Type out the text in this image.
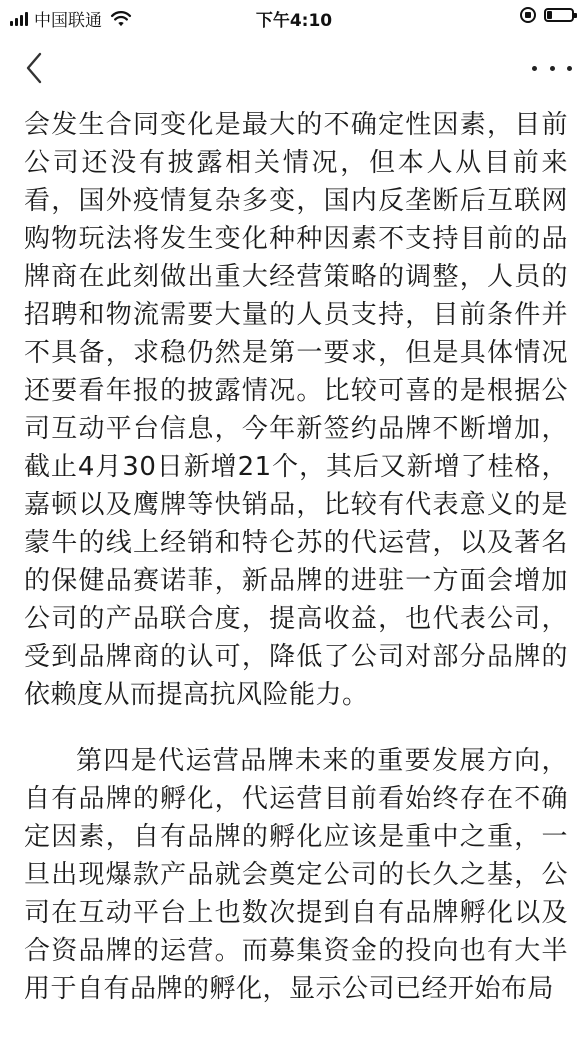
中国联通	下午4:10

会发生合同变化是最大的不确定性因素，目前公司还没有披露相关情况，但本人从目前来看，国外疫情复杂多变，国内反垄断后互联网购物玩法将发生变化种种因素不支持目前的品牌商在此刻做出重大经营策略的调整，人员的招聘和物流需要大量的人员支持，目前条件并不具备，求稳仍然是第一要求，但是具体情况还要看年报的披露情况。比较可喜的是根据公司互动平台信息，今年新签约品牌不断增加，截止4月30日新增21个，其后又新增了桂格，嘉顿以及鹰牌等快销品，比较有代表意义的是蒙牛的线上经销和特仑苏的代运营，以及著名的保健品赛诺菲，新品牌的进驻一方面会增加公司的产品联合度，提高收益，也代表公司，受到品牌商的认可，降低了公司对部分品牌的依赖度从而提高抗风险能力。

第四是代运营品牌未来的重要发展方向，自有品牌的孵化，代运营目前看始终存在不确定因素，自有品牌的孵化应该是重中之重，一旦出现爆款产品就会奠定公司的长久之基，公司在互动平台上也数次提到自有品牌孵化以及合资品牌的运营。而募集资金的投向也有大半用于自有品牌的孵化，显示公司已经开始布局
